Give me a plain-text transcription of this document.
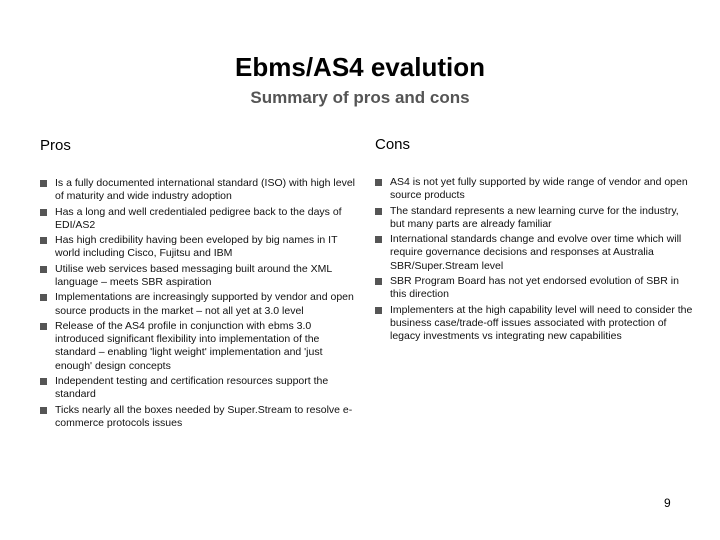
Ebms/AS4 evalution
Summary of pros and cons
Pros
Is a fully documented international standard (ISO) with high level of maturity and wide industry adoption
Has a long and well credentialed pedigree back to the days of EDI/AS2
Has high credibility having been eveloped by big names in IT world including Cisco, Fujitsu and IBM
Utilise web services based messaging built around the XML language – meets SBR aspiration
Implementations are increasingly supported by vendor and open source products in the market – not all yet at 3.0 level
Release of the AS4 profile in conjunction with ebms 3.0 introduced significant flexibility into implementation of the standard – enabling 'light weight' implementation and 'just enough' design concepts
Independent testing and certification resources support the standard
Ticks nearly all the boxes needed by Super.Stream to resolve e-commerce protocols issues
Cons
AS4 is not yet fully supported by wide range of vendor and open source products
The standard represents a new learning curve for the industry, but many parts are already familiar
International standards change and evolve over time which will require governance decisions and responses at Australia SBR/Super.Stream level
SBR Program Board has not yet endorsed evolution of SBR in this direction
Implementers at the high capability level will need to consider the business case/trade-off issues associated with protection of legacy investments vs integrating new capabilities
9
